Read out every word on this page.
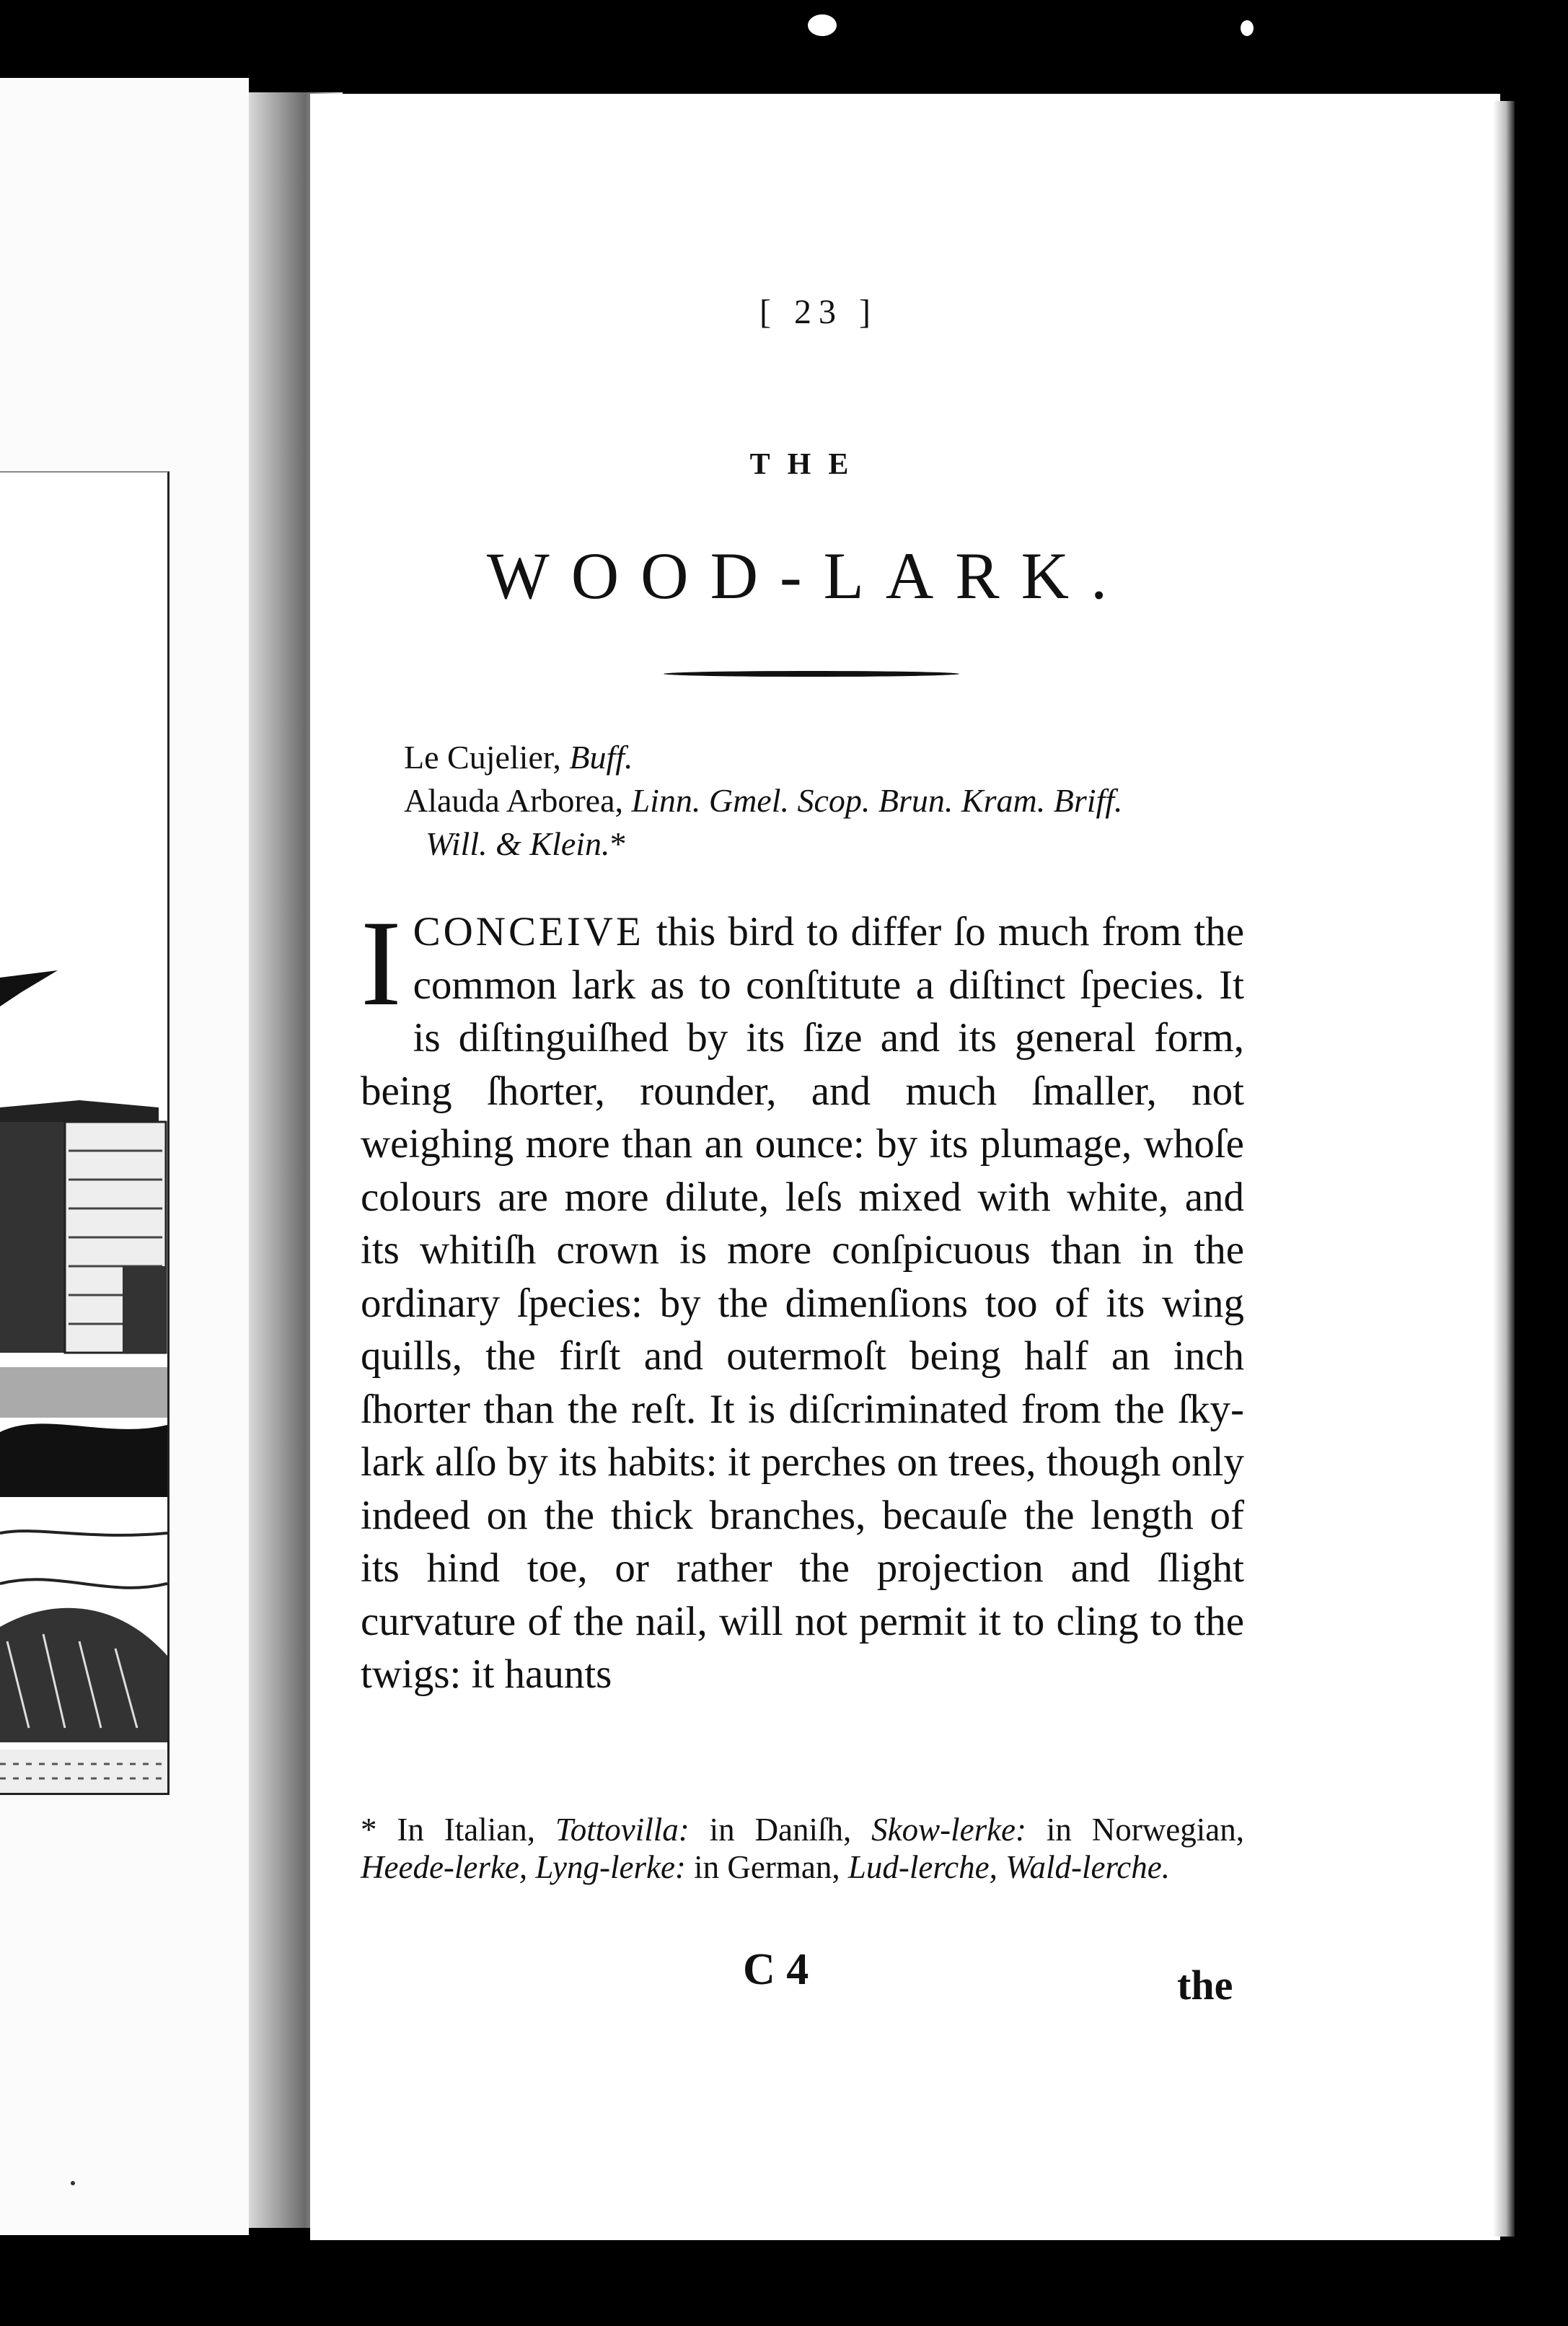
[ 23 ]
THE
WOOD-LARK.
Le Cujelier, Buff.
Alauda Arborea, Linn. Gmel. Scop. Brun. Kram. Briff.
Will. & Klein.*
ICONCEIVE this bird to differ ſo much from the common lark as to conſtitute a diſtinct ſpecies. It is diſtinguiſhed by its ſize and its general form, being ſhorter, rounder, and much ſmaller, not weighing more than an ounce: by its plumage, whoſe colours are more dilute, leſs mixed with white, and its whitiſh crown is more conſpicuous than in the ordinary ſpecies: by the dimenſions too of its wing quills, the firſt and outermoſt being half an inch ſhorter than the reſt. It is diſcriminated from the ſky-lark alſo by its habits: it perches on trees, though only indeed on the thick branches, becauſe the length of its hind toe, or rather the projection and ſlight curvature of the nail, will not permit it to cling to the twigs: it haunts
* In Italian, Tottovilla: in Daniſh, Skow-lerke: in Norwegian, Heede-lerke, Lyng-lerke: in German, Lud-lerche, Wald-lerche.
C 4	the
